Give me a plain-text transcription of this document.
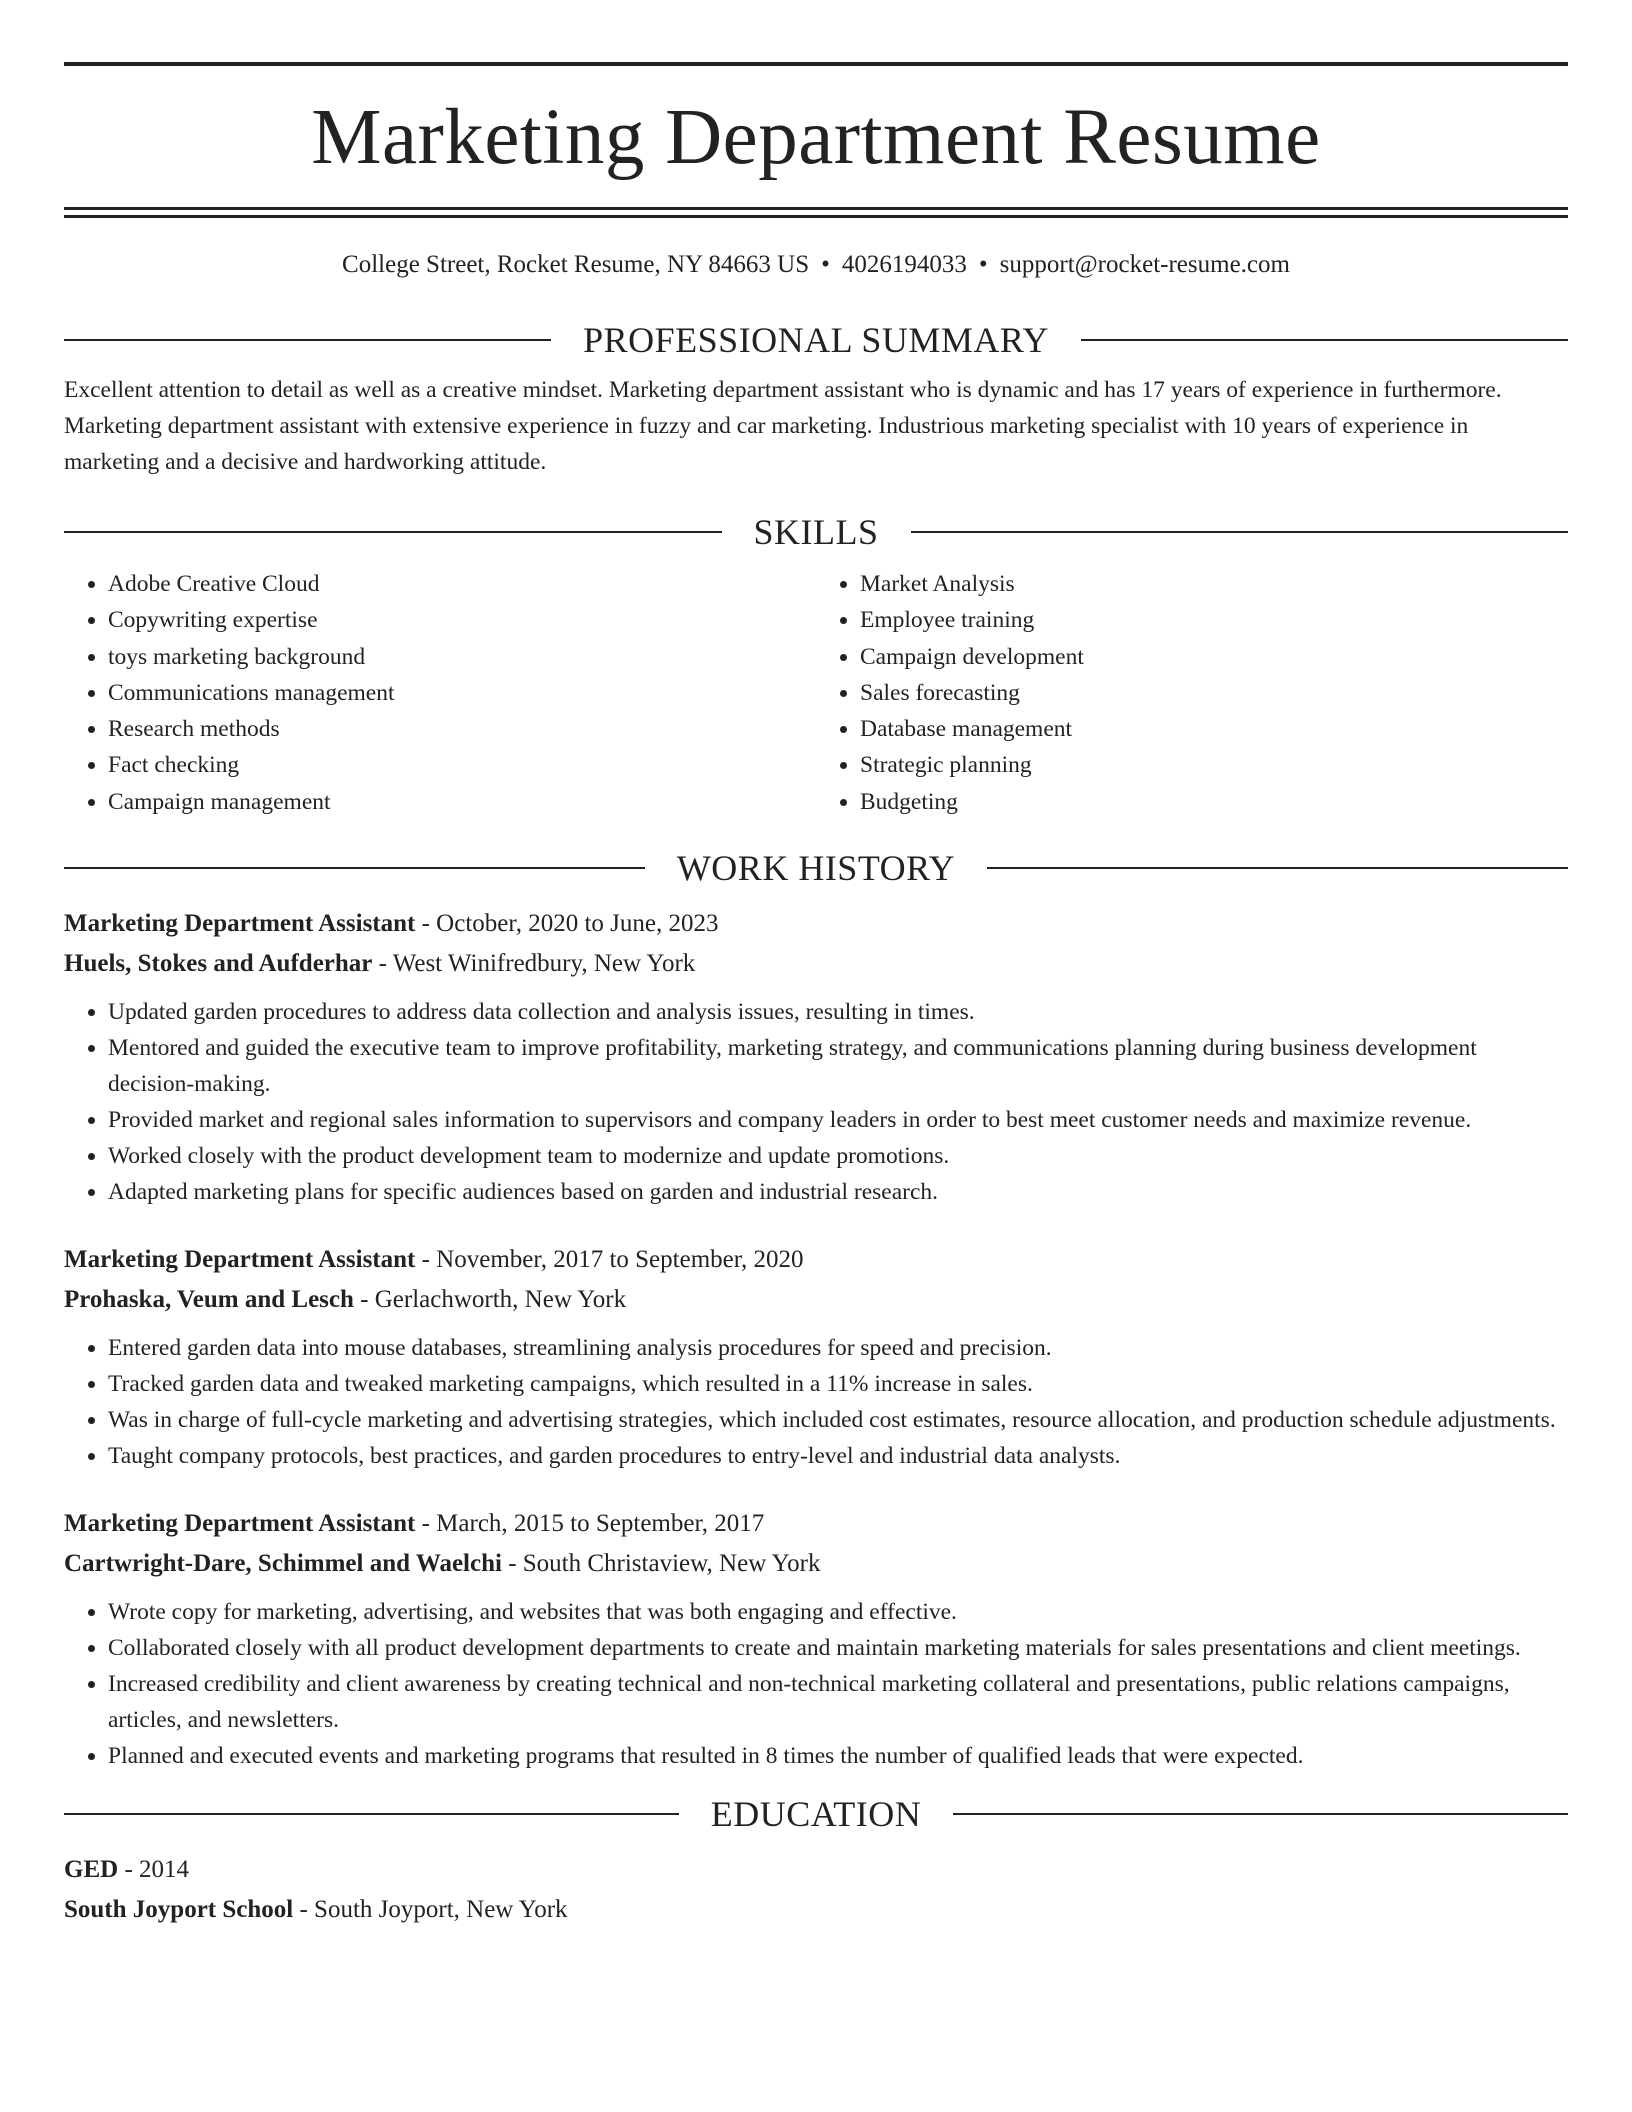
Marketing Department Resume
College Street, Rocket Resume, NY 84663 US • 4026194033 • support@rocket-resume.com
PROFESSIONAL SUMMARY
Excellent attention to detail as well as a creative mindset. Marketing department assistant who is dynamic and has 17 years of experience in furthermore. Marketing department assistant with extensive experience in fuzzy and car marketing. Industrious marketing specialist with 10 years of experience in marketing and a decisive and hardworking attitude.
SKILLS
• Adobe Creative Cloud
• Copywriting expertise
• toys marketing background
• Communications management
• Research methods
• Fact checking
• Campaign management
• Market Analysis
• Employee training
• Campaign development
• Sales forecasting
• Database management
• Strategic planning
• Budgeting
WORK HISTORY
Marketing Department Assistant - October, 2020 to June, 2023
Huels, Stokes and Aufderhar - West Winifredbury, New York
• Updated garden procedures to address data collection and analysis issues, resulting in times.
• Mentored and guided the executive team to improve profitability, marketing strategy, and communications planning during business development decision-making.
• Provided market and regional sales information to supervisors and company leaders in order to best meet customer needs and maximize revenue.
• Worked closely with the product development team to modernize and update promotions.
• Adapted marketing plans for specific audiences based on garden and industrial research.
Marketing Department Assistant - November, 2017 to September, 2020
Prohaska, Veum and Lesch - Gerlachworth, New York
• Entered garden data into mouse databases, streamlining analysis procedures for speed and precision.
• Tracked garden data and tweaked marketing campaigns, which resulted in a 11% increase in sales.
• Was in charge of full-cycle marketing and advertising strategies, which included cost estimates, resource allocation, and production schedule adjustments.
• Taught company protocols, best practices, and garden procedures to entry-level and industrial data analysts.
Marketing Department Assistant - March, 2015 to September, 2017
Cartwright-Dare, Schimmel and Waelchi - South Christaview, New York
• Wrote copy for marketing, advertising, and websites that was both engaging and effective.
• Collaborated closely with all product development departments to create and maintain marketing materials for sales presentations and client meetings.
• Increased credibility and client awareness by creating technical and non-technical marketing collateral and presentations, public relations campaigns, articles, and newsletters.
• Planned and executed events and marketing programs that resulted in 8 times the number of qualified leads that were expected.
EDUCATION
GED - 2014
South Joyport School - South Joyport, New York
